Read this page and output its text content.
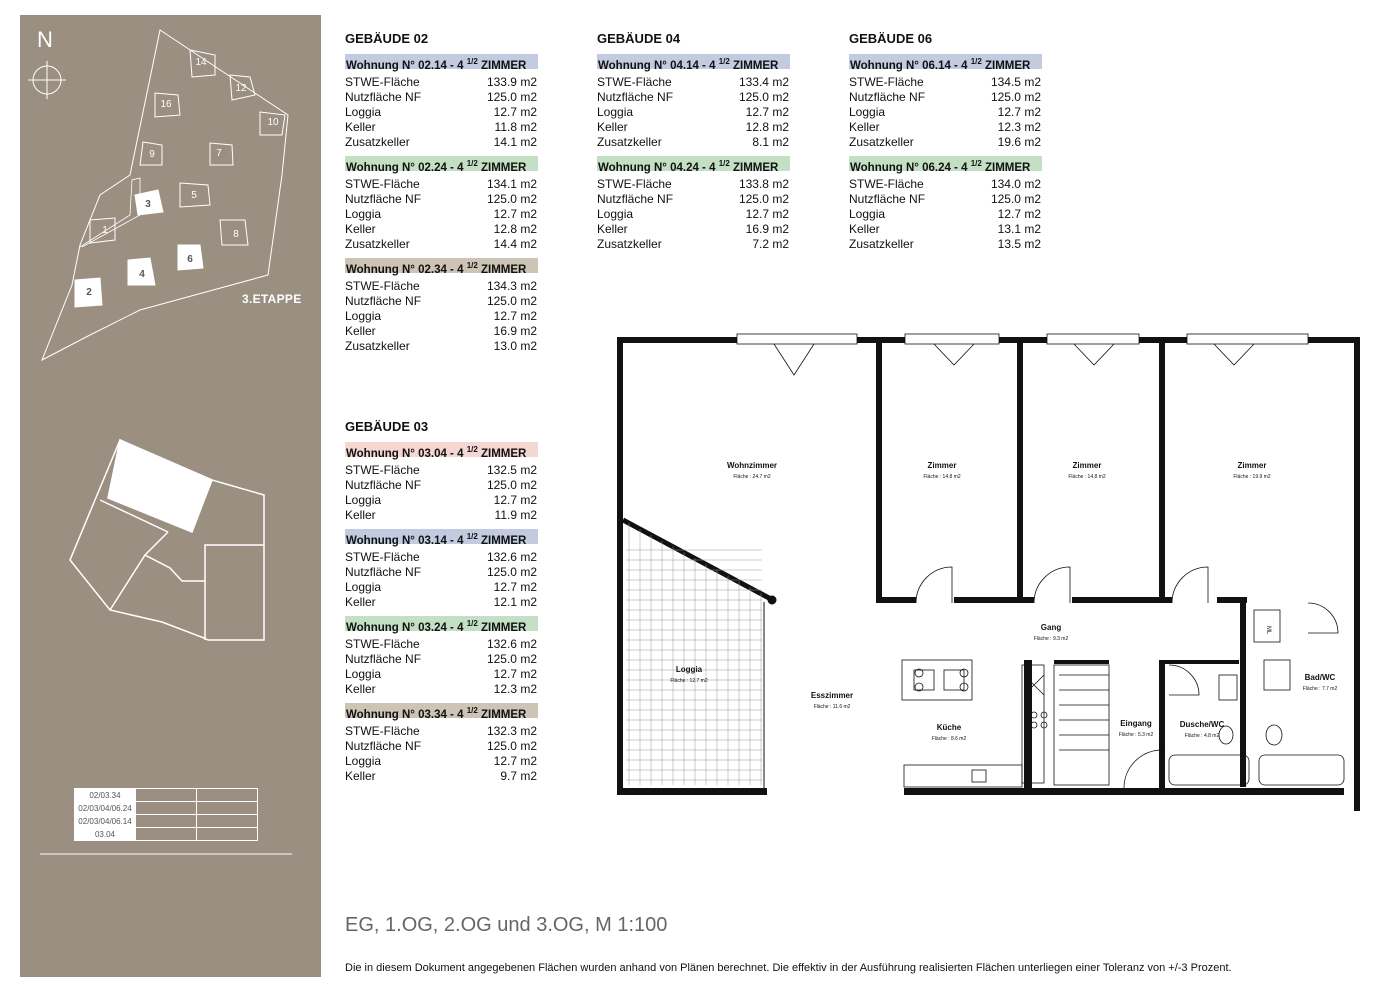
14
12
16
10
9	7
3
5
1	8
4
6
2
N
3.ETAPPE
02/03.34		
02/03/04/06.24		
02/03/04/06.14		
03.04		
GEBÄUDE 02
Wohnung N° 02.14 - 4 $^{1/2}$ ZIMMER
STWE-Fläche	133.9 m2
Nutzfläche NF	125.0 m2
Loggia	12.7 m2
Keller	11.8 m2
Zusatzkeller	14.1 m2
Wohnung N° 02.24 - 4 $^{1/2}$ ZIMMER
STWE-Fläche	134.1 m2
Nutzfläche NF	125.0 m2
Loggia	12.7 m2
Keller	12.8 m2
Zusatzkeller	14.4 m2
Wohnung N° 02.34 - 4 $^{1/2}$ ZIMMER
STWE-Fläche	134.3 m2
Nutzfläche NF	125.0 m2
Loggia	12.7 m2
Keller	16.9 m2
Zusatzkeller	13.0 m2
GEBÄUDE 04
Wohnung N° 04.14 - 4 $^{1/2}$ ZIMMER
STWE-Fläche	133.4 m2
Nutzfläche NF	125.0 m2
Loggia	12.7 m2
Keller	12.8 m2
Zusatzkeller	8.1 m2
Wohnung N° 04.24 - 4 $^{1/2}$ ZIMMER
STWE-Fläche	133.8 m2
Nutzfläche NF	125.0 m2
Loggia	12.7 m2
Keller	16.9 m2
Zusatzkeller	7.2 m2
GEBÄUDE 06
Wohnung N° 06.14 - 4 $^{1/2}$ ZIMMER
STWE-Fläche	134.5 m2
Nutzfläche NF	125.0 m2
Loggia	12.7 m2
Keller	12.3 m2
Zusatzkeller	19.6 m2
Wohnung N° 06.24 - 4 $^{1/2}$ ZIMMER
STWE-Fläche	134.0 m2
Nutzfläche NF	125.0 m2
Loggia	12.7 m2
Keller	13.1 m2
Zusatzkeller	13.5 m2
GEBÄUDE 03
Wohnung N° 03.04 - 4 $^{1/2}$ ZIMMER
STWE-Fläche	132.5 m2
Nutzfläche NF	125.0 m2
Loggia	12.7 m2
Keller	11.9 m2
Wohnung N° 03.14 - 4 $^{1/2}$ ZIMMER
STWE-Fläche	132.6 m2
Nutzfläche NF	125.0 m2
Loggia	12.7 m2
Keller	12.1 m2
Wohnung N° 03.24 - 4 $^{1/2}$ ZIMMER
STWE-Fläche	132.6 m2
Nutzfläche NF	125.0 m2
Loggia	12.7 m2
Keller	12.3 m2
Wohnung N° 03.34 - 4 $^{1/2}$ ZIMMER
STWE-Fläche	132.3 m2
Nutzfläche NF	125.0 m2
Loggia	12.7 m2
Keller	9.7 m2
ML
Wohnzimmer
Fläche : 24.7 m2
Zimmer
Fläche : 14.8 m2
Zimmer
Fläche : 14.8 m2
Zimmer
Fläche : 19.9 m2
Gang
Fläche : 9.3 m2
Loggia
Fläche : 12.7 m2
Esszimmer
Fläche : 11.6 m2
Küche
Fläche : 8.6 m2
Eingang
Fläche : 5.3 m2
Dusche/WC
Fläche : 4.8 m2
Bad/WC
Fläche : 7.7 m2
EG, 1.OG, 2.OG und 3.OG, M 1:100
Die in diesem Dokument angegebenen Flächen wurden anhand von Plänen berechnet. Die effektiv in der Ausführung realisierten Flächen unterliegen einer Toleranz von +/-3 Prozent.
